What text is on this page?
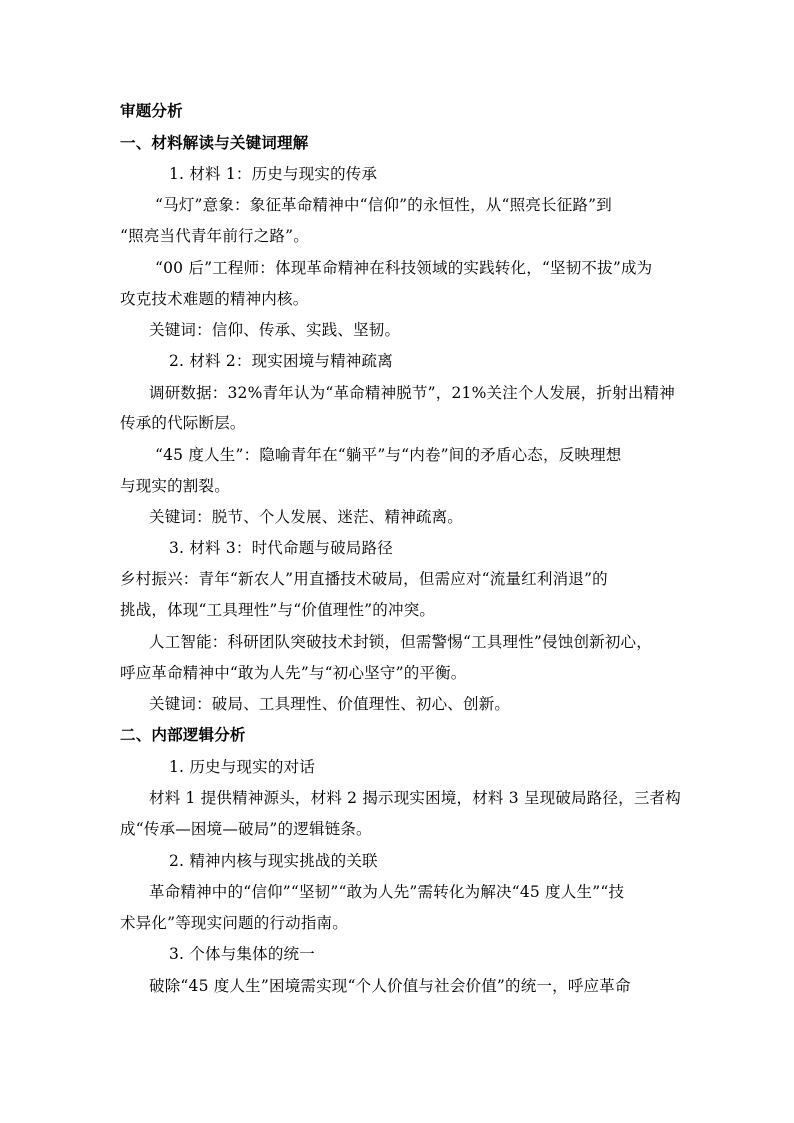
审题分析
一、材料解读与关键词理解
1. 材料 1：历史与现实的传承
“马灯”意象：象征革命精神中“信仰”的永恒性，从“照亮长征路”到
“照亮当代青年前行之路”。
“00 后”工程师：体现革命精神在科技领域的实践转化，“坚韧不拔”成为
攻克技术难题的精神内核。
关键词：信仰、传承、实践、坚韧。
2. 材料 2：现实困境与精神疏离
调研数据：32%青年认为“革命精神脱节”，21%关注个人发展，折射出精神
传承的代际断层。
“45 度人生”：隐喻青年在“躺平”与“内卷”间的矛盾心态，反映理想
与现实的割裂。
关键词：脱节、个人发展、迷茫、精神疏离。
3. 材料 3：时代命题与破局路径
乡村振兴：青年“新农人”用直播技术破局，但需应对“流量红利消退”的
挑战，体现“工具理性”与“价值理性”的冲突。
人工智能：科研团队突破技术封锁，但需警惕“工具理性”侵蚀创新初心，
呼应革命精神中“敢为人先”与“初心坚守”的平衡。
关键词：破局、工具理性、价值理性、初心、创新。
二、内部逻辑分析
1. 历史与现实的对话
材料 1 提供精神源头，材料 2 揭示现实困境，材料 3 呈现破局路径，三者构
成“传承—困境—破局”的逻辑链条。
2. 精神内核与现实挑战的关联
革命精神中的“信仰”“坚韧”“敢为人先”需转化为解决“45 度人生”“技
术异化”等现实问题的行动指南。
3. 个体与集体的统一
破除“45 度人生”困境需实现“个人价值与社会价值”的统一，呼应革命
